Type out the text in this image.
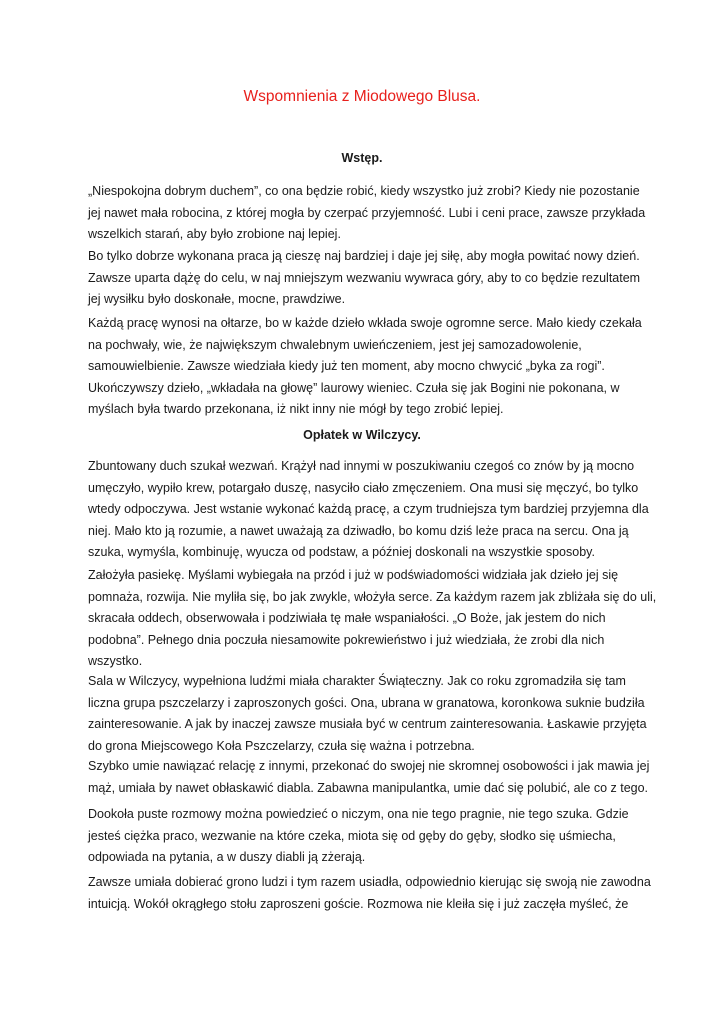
Wspomnienia z Miodowego Blusa.
Wstęp.
„Niespokojna dobrym duchem”, co ona będzie robić, kiedy wszystko już zrobi? Kiedy nie pozostanie
jej nawet mała robocina, z której mogła by czerpać przyjemność. Lubi i ceni prace, zawsze przykłada
wszelkich starań, aby było zrobione naj lepiej.
Bo tylko dobrze wykonana praca ją cieszę naj bardziej i daje jej siłę, aby mogła powitać nowy dzień.
Zawsze uparta dążę do celu, w naj mniejszym wezwaniu wywraca góry, aby to co będzie rezultatem
jej wysiłku było doskonałe, mocne, prawdziwe.
Każdą pracę wynosi na ołtarze, bo w każde dzieło wkłada swoje ogromne serce. Mało kiedy czekała
na pochwały, wie, że największym chwalebnym uwieńczeniem, jest jej samozadowolenie,
samouwielbienie. Zawsze wiedziała kiedy już ten moment, aby mocno chwycić „byka za rogi”.
Ukończywszy dzieło, „wkładała na głowę” laurowy wieniec. Czuła się jak Bogini nie pokonana, w
myślach była twardo przekonana, iż nikt inny nie mógł by tego zrobić lepiej.
Opłatek w Wilczycy.
Zbuntowany duch szukał wezwań. Krążył nad innymi w poszukiwaniu czegoś co znów by ją mocno
umęczyło, wypiło krew, potargało duszę, nasyciło ciało zmęczeniem. Ona musi się męczyć, bo tylko
wtedy odpoczywa. Jest wstanie wykonać każdą pracę, a czym trudniejsza tym bardziej przyjemna dla
niej. Mało kto ją rozumie, a nawet uważają za dziwadło, bo komu dziś leże praca na sercu. Ona ją
szuka, wymyśla, kombinuję, wyucza od podstaw, a później doskonali na wszystkie sposoby.
Założyła pasiekę. Myślami wybiegała na przód i już w podświadomości widziała jak dzieło jej się
pomnaża, rozwija. Nie myliła się, bo jak zwykle, włożyła serce. Za każdym razem jak zbliżała się do uli,
skracała oddech, obserwowała i podziwiała tę małe wspaniałości. „O Boże, jak jestem do nich
podobna”. Pełnego dnia poczuła niesamowite pokrewieństwo i już wiedziała, że zrobi dla nich
wszystko.
Sala w Wilczycy, wypełniona ludźmi miała charakter Świąteczny. Jak co roku zgromadziła się tam
liczna grupa pszczelarzy i zaproszonych gości. Ona, ubrana w granatowa, koronkowa suknie budziła
zainteresowanie. A jak by inaczej zawsze musiała być w centrum zainteresowania. Łaskawie przyjęta
do grona Miejscowego Koła Pszczelarzy, czuła się ważna i potrzebna.
Szybko umie nawiązać relację z innymi, przekonać do swojej nie skromnej osobowości i jak mawia jej
mąż, umiała by nawet obłaskawić diabla. Zabawna manipulantka, umie dać się polubić, ale co z tego.
Dookoła puste rozmowy można powiedzieć o niczym, ona nie tego pragnie, nie tego szuka. Gdzie
jesteś ciężka praco, wezwanie na które czeka, miota się od gęby do gęby, słodko się uśmiecha,
odpowiada na pytania, a w duszy diabli ją zżerają.
Zawsze umiała dobierać grono ludzi i tym razem usiadła, odpowiednio kierując się swoją nie zawodna
intuicją. Wokół okrągłego stołu zaproszeni goście. Rozmowa nie kleiła się i już zaczęła myśleć, że
